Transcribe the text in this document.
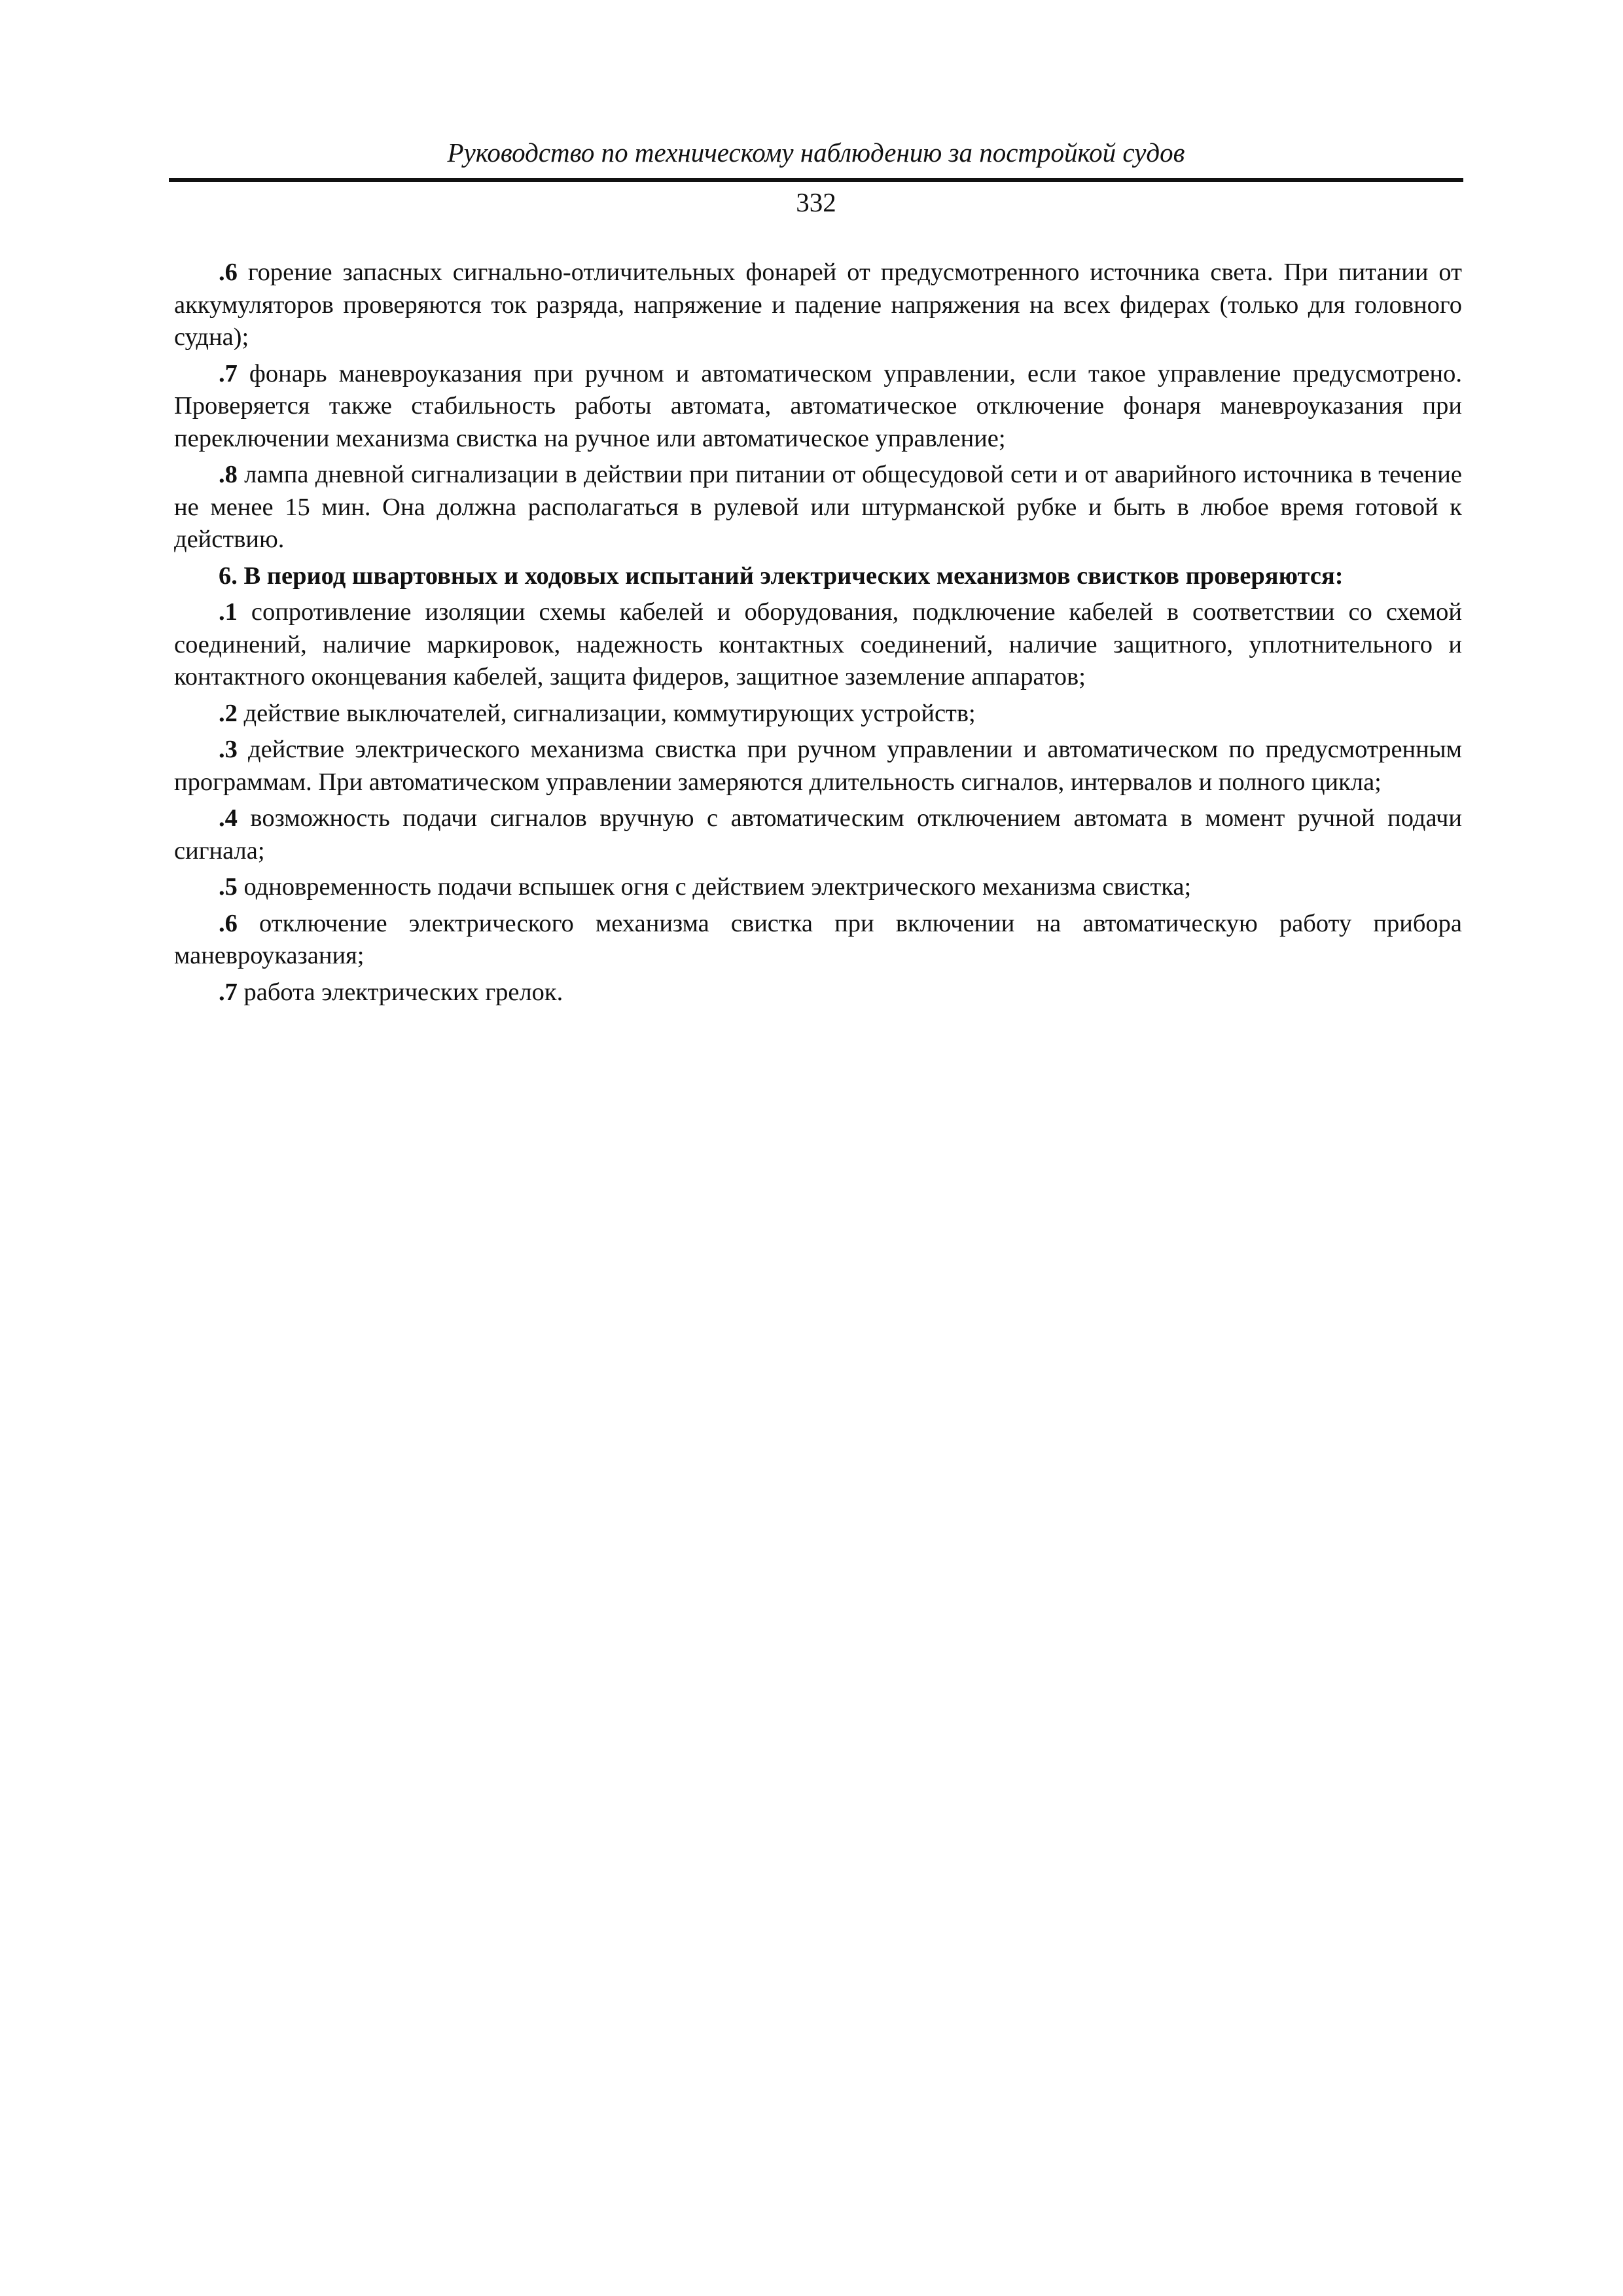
Руководство по техническому наблюдению за постройкой судов
332

.6 горение запасных сигнально-отличительных фонарей от предусмотренного источника света. При питании от аккумуляторов проверяются ток разряда, напряжение и падение напряжения на всех фидерах (только для головного судна);

.7 фонарь маневроуказания при ручном и автоматическом управлении, если такое управление предусмотрено. Проверяется также стабильность работы автомата, автоматическое отключение фонаря маневроуказания при переключении механизма свистка на ручное или автоматическое управление;

.8 лампа дневной сигнализации в действии при питании от общесудовой сети и от аварийного источника в течение не менее 15 мин. Она должна располагаться в рулевой или штурманской рубке и быть в любое время готовой к действию.

6. В период швартовных и ходовых испытаний электрических механизмов свистков проверяются:

.1 сопротивление изоляции схемы кабелей и оборудования, подключение кабелей в соответствии со схемой соединений, наличие маркировок, надежность контактных соединений, наличие защитного, уплотнительного и контактного оконцевания кабелей, защита фидеров, защитное заземление аппаратов;

.2 действие выключателей, сигнализации, коммутирующих устройств;

.3 действие электрического механизма свистка при ручном управлении и автоматическом по предусмотренным программам. При автоматическом управлении замеряются длительность сигналов, интервалов и полного цикла;

.4 возможность подачи сигналов вручную с автоматическим отключением автомата в момент ручной подачи сигнала;

.5 одновременность подачи вспышек огня с действием электрического механизма свистка;

.6 отключение электрического механизма свистка при включении на автоматическую работу прибора маневроуказания;

.7 работа электрических грелок.
